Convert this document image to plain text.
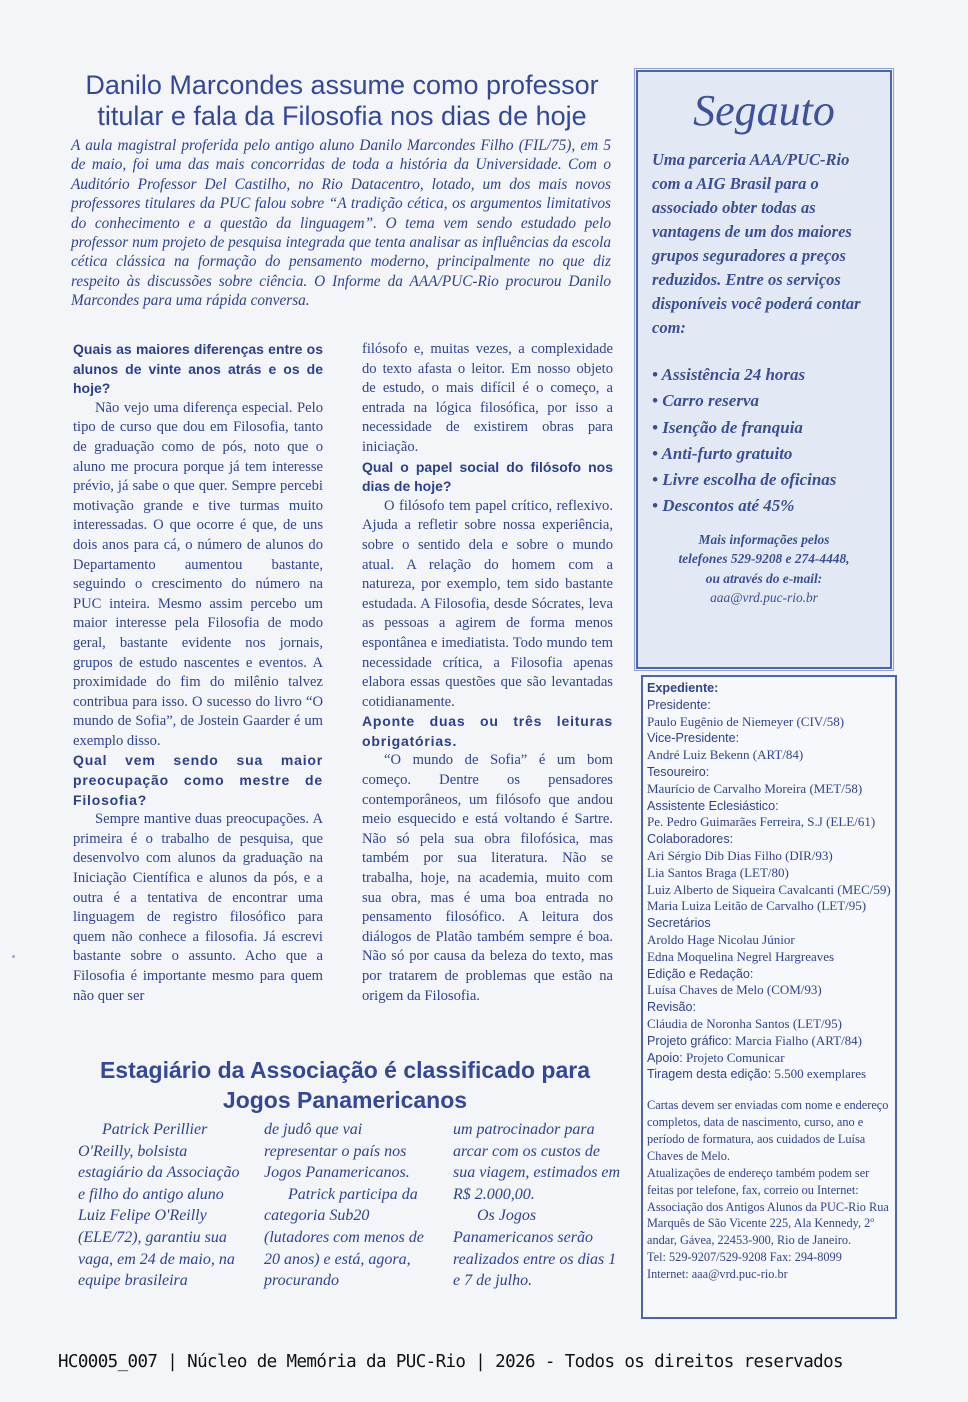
Danilo Marcondes assume como professor titular e fala da Filosofia nos dias de hoje

A aula magistral proferida pelo antigo aluno Danilo Marcondes Filho (FIL/75), em 5 de maio, foi uma das mais concorridas de toda a história da Universidade. Com o Auditório Professor Del Castilho, no Rio Datacentro, lotado, um dos mais novos professores titulares da PUC falou sobre “A tradição cética, os argumentos limitativos do conhecimento e a questão da linguagem”. O tema vem sendo estudado pelo professor num projeto de pesquisa integrada que tenta analisar as influências da escola cética clássica na formação do pensamento moderno, principalmente no que diz respeito às discussões sobre ciência. O Informe da AAA/PUC-Rio procurou Danilo Marcondes para uma rápida conversa.

Quais as maiores diferenças entre os alunos de vinte anos atrás e os de hoje?

Não vejo uma diferença especial. Pelo tipo de curso que dou em Filosofia, tanto de graduação como de pós, noto que o aluno me procura porque já tem interesse prévio, já sabe o que quer. Sempre percebi motivação grande e tive turmas muito interessadas. O que ocorre é que, de uns dois anos para cá, o número de alunos do Departamento aumentou bastante, seguindo o crescimento do número na PUC inteira. Mesmo assim percebo um maior interesse pela Filosofia de modo geral, bastante evidente nos jornais, grupos de estudo nascentes e eventos. A proximidade do fim do milênio talvez contribua para isso. O sucesso do livro “O mundo de Sofia”, de Jostein Gaarder é um exemplo disso.

Qual vem sendo sua maior preocupação como mestre de Filosofia?

Sempre mantive duas preocupações. A primeira é o trabalho de pesquisa, que desenvolvo com alunos da graduação na Iniciação Científica e alunos da pós, e a outra é a tentativa de encontrar uma linguagem de registro filosófico para quem não conhece a filosofia. Já escrevi bastante sobre o assunto. Acho que a Filosofia é importante mesmo para quem não quer ser

filósofo e, muitas vezes, a complexidade do texto afasta o leitor. Em nosso objeto de estudo, o mais difícil é o começo, a entrada na lógica filosófica, por isso a necessidade de existirem obras para iniciação.

Qual o papel social do filósofo nos dias de hoje?

O filósofo tem papel crítico, reflexivo. Ajuda a refletir sobre nossa experiência, sobre o sentido dela e sobre o mundo atual. A relação do homem com a natureza, por exemplo, tem sido bastante estudada. A Filosofia, desde Sócrates, leva as pessoas a agirem de forma menos espontânea e imediatista. Todo mundo tem necessidade crítica, a Filosofia apenas elabora essas questões que são levantadas cotidianamente.

Aponte duas ou três leituras obrigatórias.

“O mundo de Sofia” é um bom começo. Dentre os pensadores contemporâneos, um filósofo que andou meio esquecido e está voltando é Sartre. Não só pela sua obra filofósica, mas também por sua literatura. Não se trabalha, hoje, na academia, muito com sua obra, mas é uma boa entrada no pensamento filosófico. A leitura dos diálogos de Platão também sempre é boa. Não só por causa da beleza do texto, mas por tratarem de problemas que estão na origem da Filosofia.

Segauto
Uma parceria AAA/PUC-Rio com a AIG Brasil para o associado obter todas as vantagens de um dos maiores grupos seguradores a preços reduzidos. Entre os serviços disponíveis você poderá contar com:
• Assistência 24 horas
• Carro reserva
• Isenção de franquia
• Anti-furto gratuito
• Livre escolha de oficinas
• Descontos até 45%
Mais informações pelos
telefones 529-9208 e 274-4448,
ou através do e-mail:
aaa@vrd.puc-rio.br

Expediente:

Presidente:

Paulo Eugênio de Niemeyer (CIV/58)

Vice-Presidente:

André Luiz Bekenn (ART/84)

Tesoureiro:

Maurício de Carvalho Moreira (MET/58)

Assistente Eclesiástico:

Pe. Pedro Guimarães Ferreira, S.J (ELE/61)

Colaboradores:

Ari Sérgio Dib Dias Filho (DIR/93)

Lia Santos Braga (LET/80)

Luiz Alberto de Siqueira Cavalcanti (MEC/59)

Maria Luiza Leitão de Carvalho (LET/95)

Secretários

Aroldo Hage Nicolau Júnior

Edna Moquelina Negrel Hargreaves

Edição e Redação:

Luísa Chaves de Melo (COM/93)

Revisão:

Cláudia de Noronha Santos (LET/95)

Projeto gráfico: Marcia Fialho (ART/84)

Apoio: Projeto Comunicar

Tiragem desta edição: 5.500 exemplares

Cartas devem ser enviadas com nome e endereço completos, data de nascimento, curso, ano e período de formatura, aos cuidados de Luísa Chaves de Melo.

Atualizações de endereço também podem ser feitas por telefone, fax, correio ou Internet:

Associação dos Antigos Alunos da PUC-Rio Rua Marquês de São Vicente 225, Ala Kennedy, 2º andar, Gávea, 22453-900, Rio de Janeiro.

Tel: 529-9207/529-9208 Fax: 294-8099

Internet: aaa@vrd.puc-rio.br

Estagiário da Associação é classificado para Jogos Panamericanos

Patrick Perillier O'Reilly, bolsista estagiário da Associação e filho do antigo aluno Luiz Felipe O'Reilly (ELE/72), garantiu sua vaga, em 24 de maio, na equipe brasileira

de judô que vai representar o país nos Jogos Panamericanos.

Patrick participa da categoria Sub20 (lutadores com menos de 20 anos) e está, agora, procurando

um patrocinador para arcar com os custos de sua viagem, estimados em R$ 2.000,00.

Os Jogos Panamericanos serão realizados entre os dias 1 e 7 de julho.

HC0005_007 | Núcleo de Memória da PUC-Rio | 2026 - Todos os direitos reservados
